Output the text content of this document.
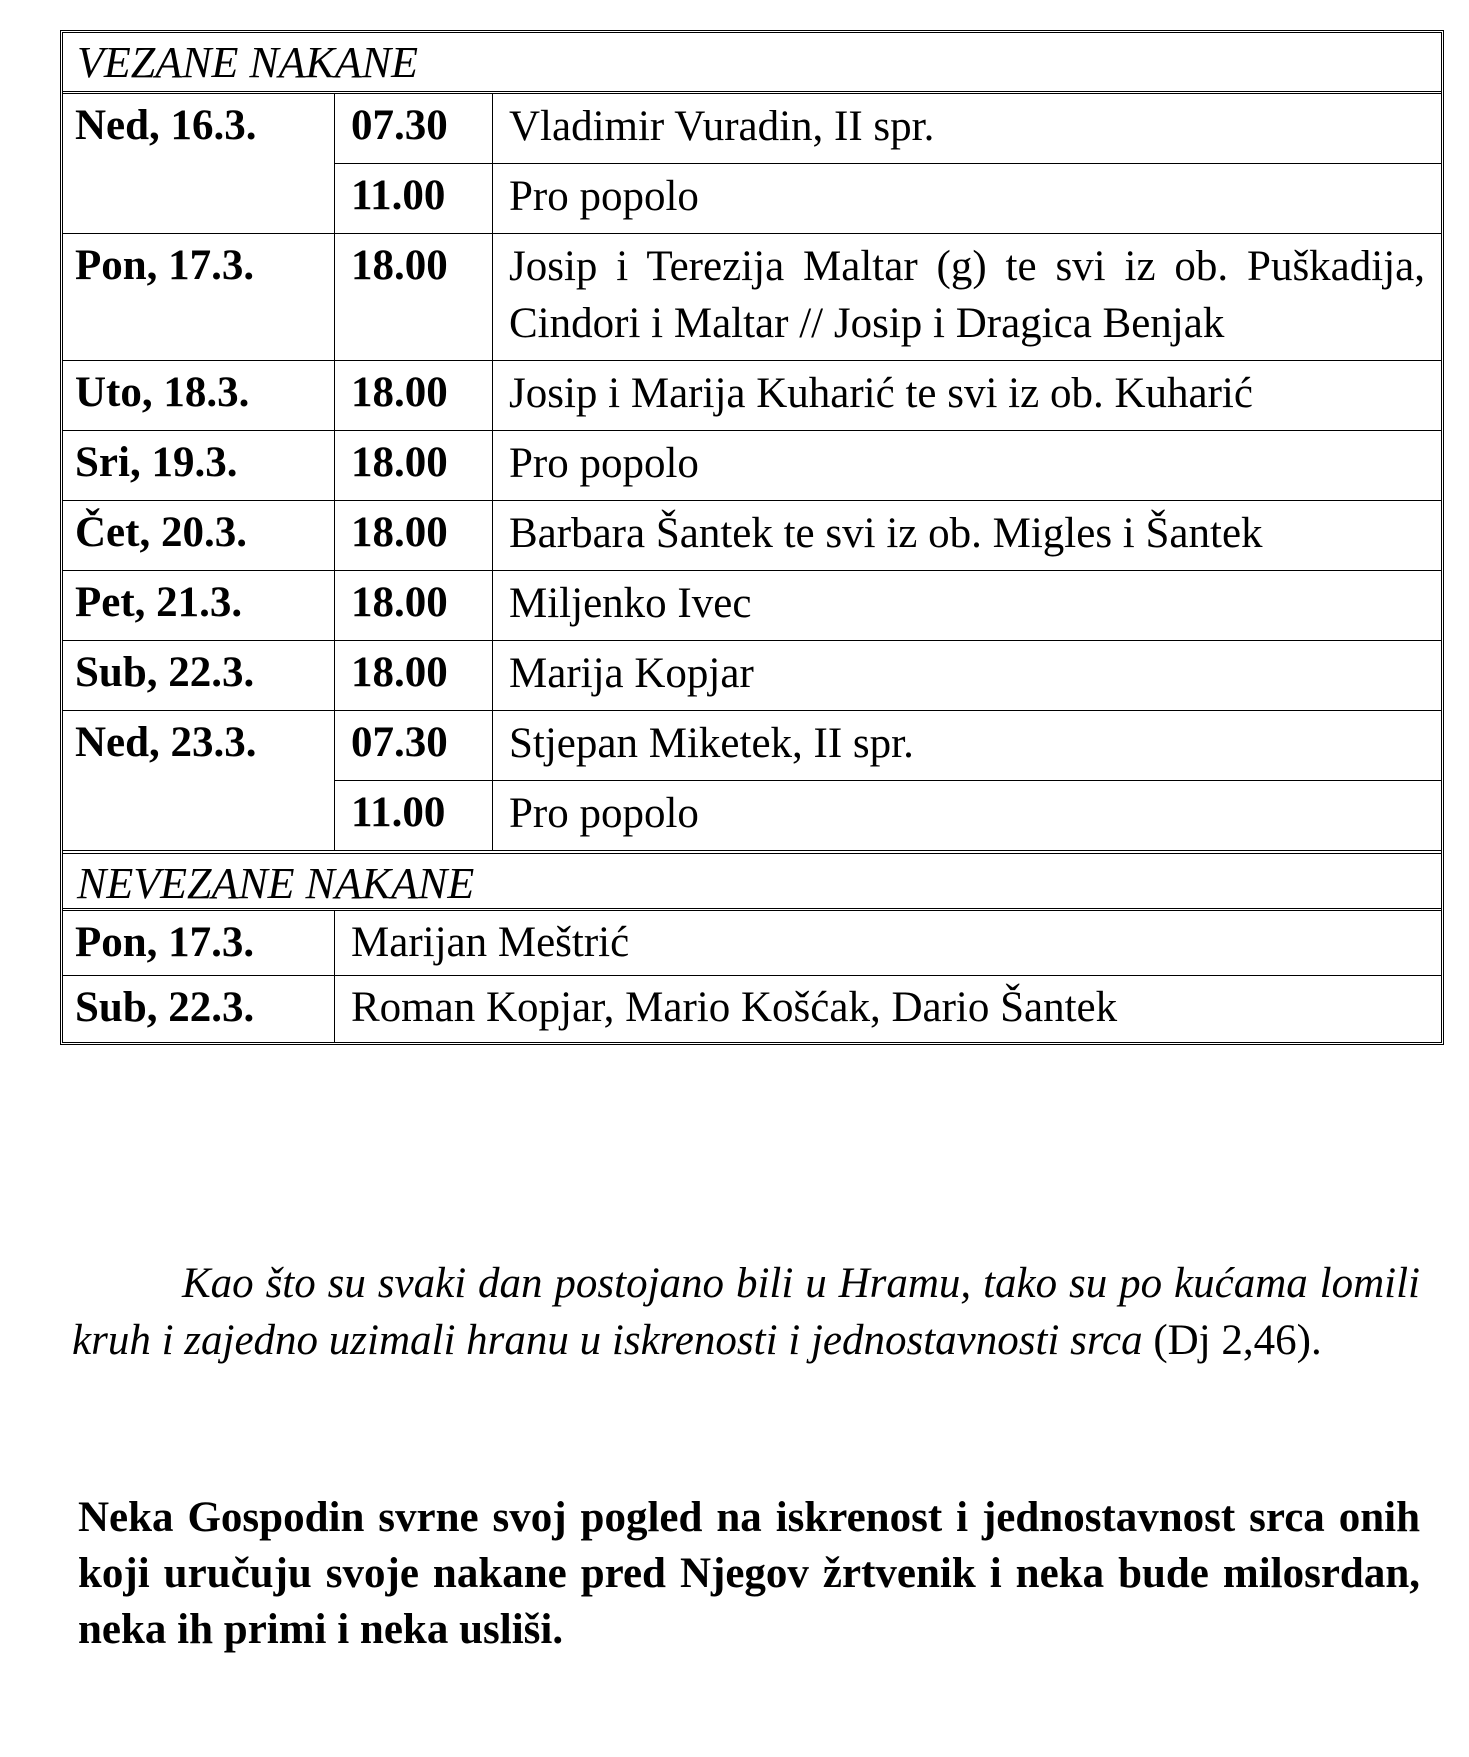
VEZANE NAKANE
Ned, 16.3.	07.30	Vladimir Vuradin, II spr.
11.00	Pro popolo
Pon, 17.3.	18.00	Josip i Terezija Maltar (g) te svi iz ob. Puškadija, Cindori i Maltar // Josip i Dragica Benjak
Uto, 18.3.	18.00	Josip i Marija Kuharić te svi iz ob. Kuharić
Sri, 19.3.	18.00	Pro popolo
Čet, 20.3.	18.00	Barbara Šantek te svi iz ob. Migles i Šantek
Pet, 21.3.	18.00	Miljenko Ivec
Sub, 22.3.	18.00	Marija Kopjar
Ned, 23.3.	07.30	Stjepan Miketek, II spr.
11.00	Pro popolo
NEVEZANE NAKANE
Pon, 17.3.	Marijan Meštrić
Sub, 22.3.	Roman Kopjar, Mario Košćak, Dario Šantek
Kao što su svaki dan postojano bili u Hramu, tako su po kućama lomili kruh i zajedno uzimali hranu u iskrenosti i jednostavnosti srca (Dj 2,46).
Neka Gospodin svrne svoj pogled na iskrenost i jednostavnost srca onih koji uručuju svoje nakane pred Njegov žrtvenik i neka bude milosrdan, neka ih primi i neka usliši.
